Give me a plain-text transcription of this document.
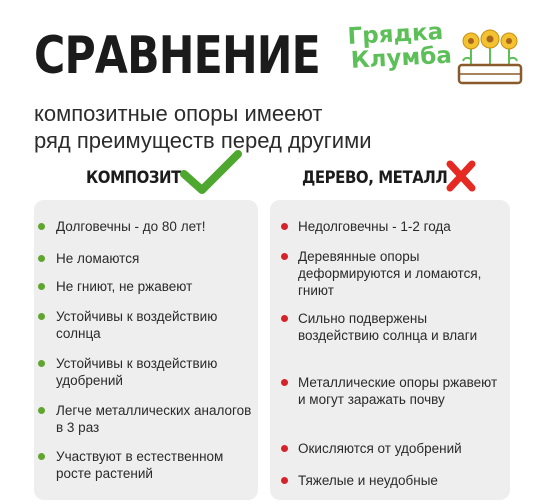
СРАВНЕНИЕ
композитные опоры имееют
ряд преимуществ перед другими
Грядка
Клумба
КОМПОЗИТ	ДЕРЕВО, МЕТАЛЛ
Долговечны - до 80 лет!
Не ломаются
Не гниют, не ржавеют
Устойчивы к воздействию солнца
Устойчивы к воздействию удобрений
Легче металлических аналогов в 3 раз
Участвуют в естественном росте растений
Недолговечны - 1-2 года
Деревянные опоры деформируются и ломаются, гниют
Сильно подвержены воздействию солнца и влаги
Металлические опоры ржавеют и могут заражать почву
Окисляются от удобрений
Тяжелые и неудобные
